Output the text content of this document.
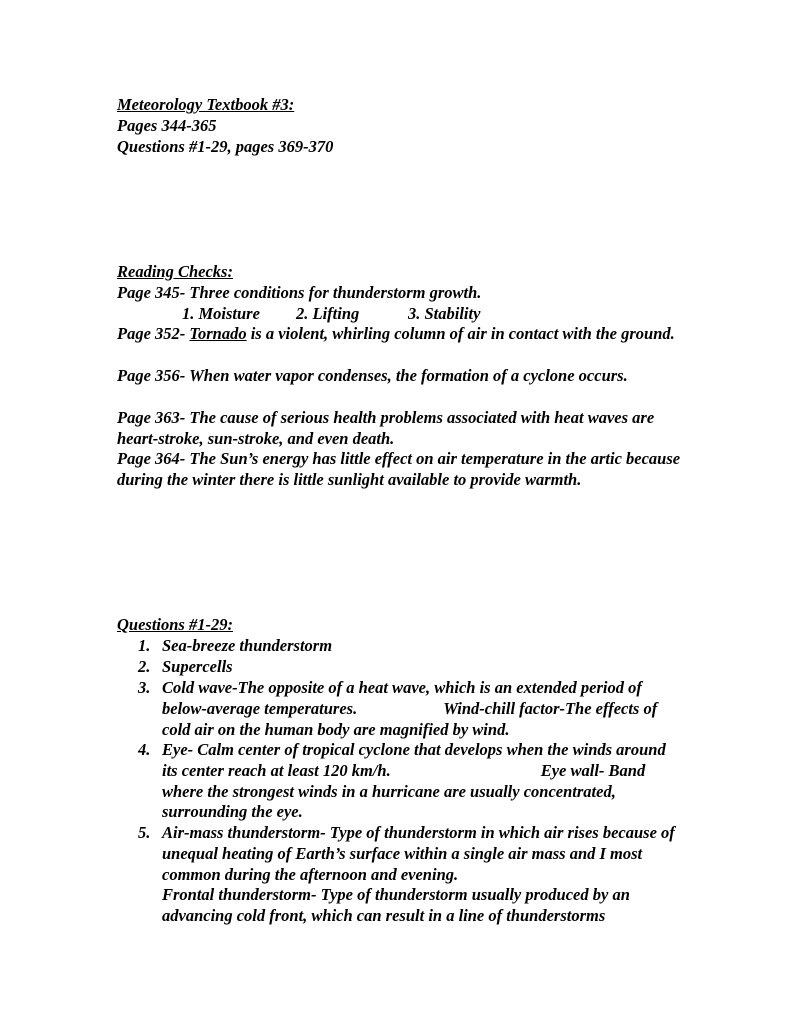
Meteorology Textbook #3:
Pages 344-365
Questions #1-29, pages 369-370
Reading Checks:
Page 345- Three conditions for thunderstorm growth.
1. Moisture 2. Lifting	3. Stability
Page 352- Tornado is a violent, whirling column of air in contact with the ground.
Page 356- When water vapor condenses, the formation of a cyclone occurs.
Page 363- The cause of serious health problems associated with heat waves are heart-stroke, sun-stroke, and even death.
Page 364- The Sun’s energy has little effect on air temperature in the artic because during the winter there is little sunlight available to provide warmth.
Questions #1-29:
1. Sea-breeze thunderstorm
2. Supercells
3. Cold wave-The opposite of a heat wave, which is an extended period of below-average temperatures.	Wind-chill factor-The effects of cold air on the human body are magnified by wind.
4. Eye- Calm center of tropical cyclone that develops when the winds around its center reach at least 120 km/h.	Eye wall- Band where the strongest winds in a hurricane are usually concentrated, surrounding the eye.
5. Air-mass thunderstorm- Type of thunderstorm in which air rises because of unequal heating of Earth’s surface within a single air mass and I most common during the afternoon and evening.
Frontal thunderstorm- Type of thunderstorm usually produced by an advancing cold front, which can result in a line of thunderstorms
